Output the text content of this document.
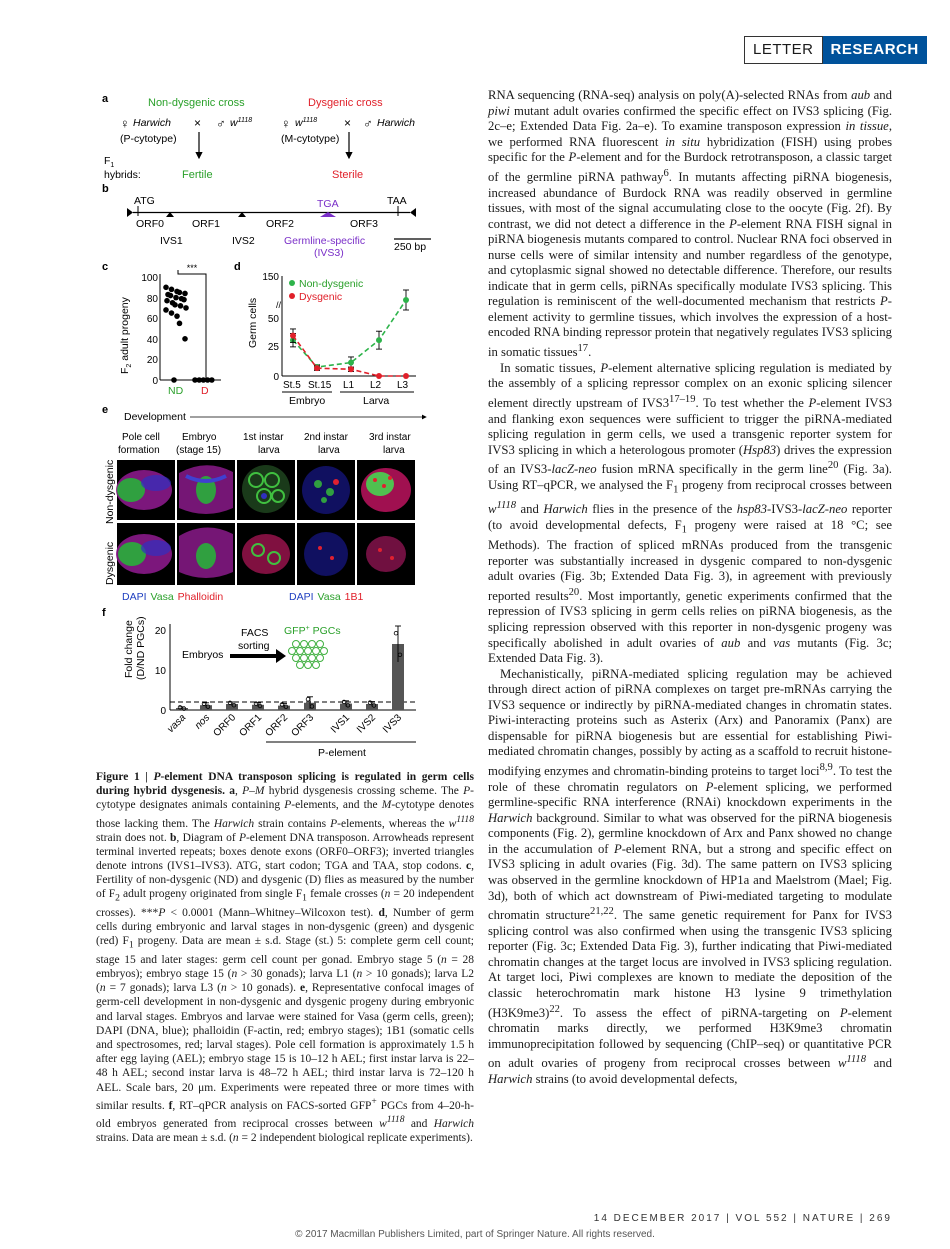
LETTER	RESEARCH
a	Non-dysgenic cross	Dysgenic cross
♀ Harwich × ♂ $w^{1118}$
(P-cytotype)
♀ $w^{1118}$ × ♂ Harwich
(M-cytotype)
$F_1$
hybrids:	Fertile	Sterile
b
ATG	TGA	TAA
ORF0	ORF1	ORF2	ORF3
IVS1	IVS2	Germline-specific
(IVS3)	250 bp
c
$F_2$ adult progeny
100
80
60
40
20
0
***
ND D
d
Germ cells
150
50
25
0
//
Non-dysgenic
Dysgenic
St.5 St.15 L1 L2 L3
Embryo	Larva
e
Development
Pole cell
formation
Embryo
(stage 15)
1st instar
larva
2nd instar
larva
3rd instar
larva
Non-dysgenic
Dysgenic
DAPI Vasa Phalloidin	DAPI Vasa 1B1
f
Fold change (D/ND PGCs) 20
10
0
FACS
sorting
Embryos
GFP+ PGCs
vasa nos ORF0 ORF1 ORF2 ORF3 IVS1 IVS2 IVS3
P-element

Figure 1 | P-element DNA transposon splicing is regulated in germ cells during hybrid dysgenesis. a, P–M hybrid dysgenesis crossing scheme. The P-cytotype designates animals containing P-elements, and the M-cytotype denotes those lacking them. The Harwich strain contains P-elements, whereas the $w^{1118}$ strain does not. b, Diagram of P-element DNA transposon. Arrowheads represent terminal inverted repeats; boxes denote exons (ORF0–ORF3); inverted triangles denote introns (IVS1–IVS3). ATG, start codon; TGA and TAA, stop codons. c, Fertility of non-dysgenic (ND) and dysgenic (D) flies as measured by the number of $F_2$ adult progeny originated from single $F_1$ female crosses (n = 20 independent crosses). ***P < 0.0001 (Mann–Whitney–Wilcoxon test). d, Number of germ cells during embryonic and larval stages in non-dysgenic (green) and dysgenic (red) $F_1$ progeny. Data are mean ± s.d. Stage (st.) 5: complete germ cell count; stage 15 and later stages: germ cell count per gonad. Embryo stage 5 (n = 28 embryos); embryo stage 15 (n > 30 gonads); larva L1 (n > 10 gonads); larva L2 (n = 7 gonads); larva L3 (n > 10 gonads). e, Representative confocal images of germ-cell development in non-dysgenic and dysgenic progeny during embryonic and larval stages. Embryos and larvae were stained for Vasa (germ cells, green); DAPI (DNA, blue); phalloidin (F-actin, red; embryo stages); 1B1 (somatic cells and spectrosomes, red; larval stages). Pole cell formation is approximately 1.5 h after egg laying (AEL); embryo stage 15 is 10–12 h AEL; first instar larva is 22–48 h AEL; second instar larva is 48–72 h AEL; third instar larva is 72–120 h AEL. Scale bars, 20 μm. Experiments were repeated three or more times with similar results. f, RT–qPCR analysis on FACS-sorted GFP+ PGCs from 4–20-h-old embryos generated from reciprocal crosses between $w^{1118}$ and Harwich strains. Data are mean ± s.d. (n = 2 independent biological replicate experiments).

RNA sequencing (RNA-seq) analysis on poly(A)-selected RNAs from aub and piwi mutant adult ovaries confirmed the specific effect on IVS3 splicing (Fig. 2c–e; Extended Data Fig. 2a–e). To examine transposon expression in tissue, we performed RNA fluorescent in situ hybridization (FISH) using probes specific for the P-element and for the Burdock retrotransposon, a classic target of the germline piRNA pathway$^6$. In mutants affecting piRNA biogenesis, increased abundance of Burdock RNA was readily observed in germline tissues, with most of the signal accumulating close to the oocyte (Fig. 2f). By contrast, we did not detect a difference in the P-element RNA FISH signal in piRNA biogenesis mutants compared to control. Nuclear RNA foci observed in nurse cells were of similar intensity and number regardless of the genotype, and cytoplasmic signal showed no detectable difference. Therefore, our results indicate that in germ cells, piRNAs specifically modulate IVS3 splicing. This regulation is reminiscent of the well-documented mechanism that restricts P-element activity to germline tissues, which involves the expression of a host-encoded RNA binding repressor protein that negatively regulates IVS3 splicing in somatic tissues$^{17}$.

In somatic tissues, P-element alternative splicing regulation is mediated by the assembly of a splicing repressor complex on an exonic splicing silencer element directly upstream of IVS3$^{17-19}$. To test whether the P-element IVS3 and flanking exon sequences were sufficient to trigger the piRNA-mediated splicing regulation in germ cells, we used a transgenic reporter system for IVS3 splicing in which a heterologous promoter (Hsp83) drives the expression of an IVS3-lacZ-neo fusion mRNA specifically in the germ line$^{20}$ (Fig. 3a). Using RT–qPCR, we analysed the $F_1$ progeny from reciprocal crosses between $w^{1118}$ and Harwich flies in the presence of the hsp83-IVS3-lacZ-neo reporter (to avoid developmental defects, $F_1$ progeny were raised at 18 °C; see Methods). The fraction of spliced mRNAs produced from the transgenic reporter was substantially increased in dysgenic compared to non-dysgenic adult ovaries (Fig. 3b; Extended Data Fig. 3), in agreement with previously reported results$^{20}$. Most importantly, genetic experiments confirmed that the repression of IVS3 splicing in germ cells relies on piRNA biogenesis, as the splicing repression observed with this reporter in non-dysgenic progeny was specifically abolished in adult ovaries of aub and vas mutants (Fig. 3c; Extended Data Fig. 3).

Mechanistically, piRNA-mediated splicing regulation may be achieved through direct action of piRNA complexes on target pre-mRNAs carrying the IVS3 sequence or indirectly by piRNA-mediated changes in chromatin states. Piwi-interacting proteins such as Asterix (Arx) and Panoramix (Panx) are dispensable for piRNA biogenesis but are essential for establishing Piwi-mediated chromatin changes, possibly by acting as a scaffold to recruit histone-modifying enzymes and chromatin-binding proteins to target loci$^{8,9}$. To test the role of these chromatin regulators on P-element splicing, we performed germline-specific RNA interference (RNAi) knockdown experiments in the Harwich background. Similar to what was observed for the piRNA biogenesis components (Fig. 2), germline knockdown of Arx and Panx showed no change in the accumulation of P-element RNA, but a strong and specific effect on IVS3 splicing in adult ovaries (Fig. 3d). The same pattern on IVS3 splicing was observed in the germline knockdown of HP1a and Maelstrom (Mael; Fig. 3d), both of which act downstream of Piwi-mediated targeting to modulate chromatin structure$^{21,22}$. The same genetic requirement for Panx for IVS3 splicing control was also confirmed when using the transgenic IVS3 splicing reporter (Fig. 3c; Extended Data Fig. 3), further indicating that Piwi-mediated chromatin changes at the target locus are involved in IVS3 splicing regulation. At target loci, Piwi complexes are known to mediate the deposition of the classic heterochromatin mark histone H3 lysine 9 trimethylation $(H3K9me3)^{22}$. To assess the effect of piRNA-targeting on P-element chromatin marks directly, we performed H3K9me3 chromatin immunoprecipitation followed by sequencing (ChIP–seq) or quantitative PCR on adult ovaries of progeny from reciprocal crosses between $w^{1118}$ and Harwich strains (to avoid developmental defects,

14 DECEMBER 2017 | VOL 552 | NATURE | 269
© 2017 Macmillan Publishers Limited, part of Springer Nature. All rights reserved.
